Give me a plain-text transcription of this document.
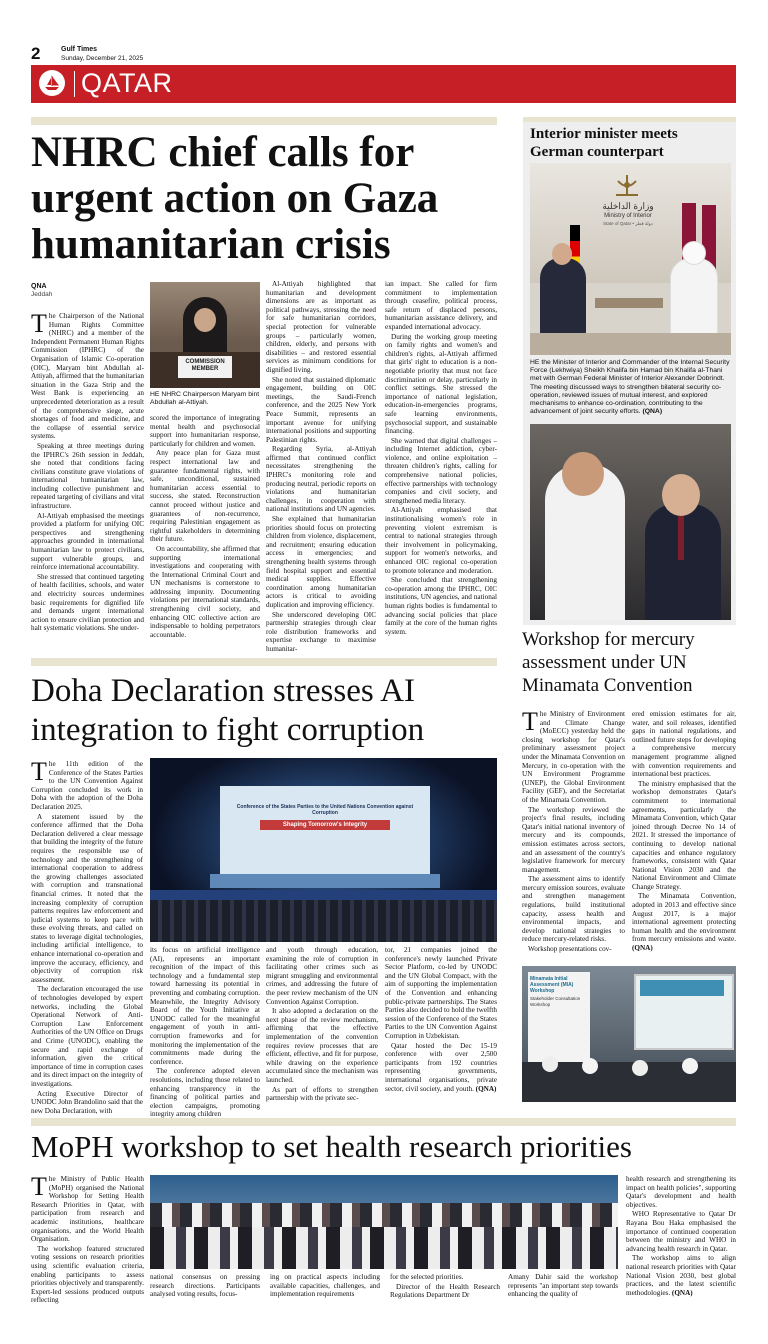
2	Gulf Times
Sunday, December 21, 2025
QATAR
NHRC chief calls for
urgent action on Gaza
humanitarian crisis
QNA
Jeddah

The Chairperson of the National Human Rights Committee (NHRC) and a member of the Independent Permanent Human Rights Commission (IPHRC) of the Organisation of Islamic Co-operation (OIC), Maryam bint Abdullah al-Attiyah, affirmed that the humanitarian situation in the Gaza Strip and the West Bank is experiencing an unprecedented deterioration as a result of the comprehensive siege, acute shortages of food and medicine, and the collapse of essential service systems.

Speaking at three meetings during the IPHRC's 26th session in Jeddah, she noted that conditions facing civilians constitute grave violations of international humanitarian law, including collective punishment and repeated targeting of civilians and vital infrastructure.

Al-Attiyah emphasised the meetings provided a platform for unifying OIC perspectives and strengthening approaches grounded in international humanitarian law to protect civilians, support vulnerable groups, and reinforce international accountability.

She stressed that continued targeting of health facilities, schools, and water and electricity sources undermines basic requirements for dignified life and demands urgent international action to ensure civilian protection and halt systematic violations. She under-

COMMISSION MEMBER
HE NHRC Chairperson Maryam bint Abdullah al-Attiyah.

scored the importance of integrating mental health and psychosocial support into humanitarian response, particularly for children and women.

Any peace plan for Gaza must respect international law and guarantee fundamental rights, with safe, unconditional, sustained humanitarian access essential to success, she stated. Reconstruction cannot proceed without justice and guarantees of non-recurrence, requiring Palestinian engagement as rightful stakeholders in determining their future.

On accountability, she affirmed that supporting international investigations and cooperating with the International Criminal Court and UN mechanisms is cornerstone to addressing impunity. Documenting violations per international standards, strengthening civil society, and enhancing OIC collective action are indispensable to holding perpetrators accountable.

Al-Attiyah highlighted that humanitarian and development dimensions are as important as political pathways, stressing the need for safe humanitarian corridors, special protection for vulnerable groups – particularly women, children, elderly, and persons with disabilities – and restored essential services as minimum conditions for dignified living.

She noted that sustained diplomatic engagement, building on OIC meetings, the Saudi-French conference, and the 2025 New York Peace Summit, represents an important avenue for unifying international positions and supporting Palestinian rights.

Regarding Syria, al-Attiyah affirmed that continued conflict necessitates strengthening the IPHRC's monitoring role and producing neutral, periodic reports on violations and humanitarian challenges, in cooperation with national institutions and UN agencies.

She explained that humanitarian priorities should focus on protecting children from violence, displacement, and recruitment; ensuring education access in emergencies; and strengthening health systems through field hospital support and essential medical supplies. Effective coordination among humanitarian actors is critical to avoiding duplication and improving efficiency.

She underscored developing OIC partnership strategies through clear role distribution frameworks and expertise exchange to maximise humanitar-

ian impact. She called for firm commitment to implementation through ceasefire, political process, safe return of displaced persons, humanitarian assistance delivery, and expanded international advocacy.

During the working group meeting on family rights and women's and children's rights, al-Attiyah affirmed that girls' right to education is a non-negotiable priority that must not face discrimination or delay, particularly in conflict settings. She stressed the importance of national legislation, education-in-emergencies programs, safe learning environments, psychosocial support, and sustainable financing.

She warned that digital challenges – including Internet addiction, cyber-violence, and online exploitation – threaten children's rights, calling for comprehensive national policies, effective partnerships with technology companies and civil society, and strengthened media literacy.

Al-Attiyah emphasised that institutionalising women's role in preventing violent extremism is central to national strategies through their involvement in policymaking, support for women's networks, and enhanced OIC regional co-operation to promote tolerance and moderation.

She concluded that strengthening co-operation among the IPHRC, OIC institutions, UN agencies, and national human rights bodies is fundamental to advancing social policies that place family at the core of the human rights system.

Interior minister meets
German counterpart
وزارة الداخلية
Ministry of Interior
State of Qatar • دولة قطر
HE the Minister of Interior and Commander of the Internal Security Force (Lekhwiya) Sheikh Khalifa bin Hamad bin Khalifa al-Thani met with German Federal Minister of Interior Alexander Dobrindt. The meeting discussed ways to strengthen bilateral security co-operation, reviewed issues of mutual interest, and explored mechanisms to enhance co-ordination, contributing to the advancement of joint security efforts. (QNA)
Workshop for mercury
assessment under UN
Minamata Convention

The Ministry of Environment and Climate Change (MoECC) yesterday held the closing workshop for Qatar's preliminary assessment project under the Minamata Convention on Mercury, in co-operation with the UN Environment Programme (UNEP), the Global Environment Facility (GEF), and the Secretariat of the Minamata Convention.

The workshop reviewed the project's final results, including Qatar's initial national inventory of mercury and its compounds, emission estimates across sectors, and an assessment of the country's legislative framework for mercury management.

The assessment aims to identify mercury emission sources, evaluate and strengthen management regulations, build institutional capacity, assess health and environmental impacts, and develop national strategies to reduce mercury-related risks.

Workshop presentations cov-

ered emission estimates for air, water, and soil releases, identified gaps in national regulations, and outlined future steps for developing a comprehensive mercury management programme aligned with convention requirements and international best practices.

The ministry emphasised that the workshop demonstrates Qatar's commitment to international agreements, particularly the Minamata Convention, which Qatar joined through Decree No 14 of 2021. It stressed the importance of continuing to develop national capacities and enhance regulatory frameworks, consistent with Qatar National Vision 2030 and the National Environment and Climate Change Strategy.

The Minamata Convention, adopted in 2013 and effective since August 2017, is a major international agreement protecting human health and the environment from mercury emissions and waste. (QNA)

Minamata Initial Assessment (MIA) Workshop
Stakeholder Consultation Workshop
Doha Declaration stresses AI
integration to fight corruption

The 11th edition of the Conference of the States Parties to the UN Convention Against Corruption concluded its work in Doha with the adoption of the Doha Declaration 2025.

A statement issued by the conference affirmed that the Doha Declaration delivered a clear message that building the integrity of the future requires the responsible use of technology and the strengthening of international cooperation to address the growing challenges associated with corruption and transnational financial crimes. It noted that the increasing complexity of corruption patterns requires law enforcement and judicial systems to keep pace with these evolving threats, and called on states to leverage digital technologies, including artificial intelligence, to enhance international co-operation and improve the accuracy, efficiency, and objectivity of corruption risk assessment.

The declaration encouraged the use of technologies developed by expert networks, including the Global Operational Network of Anti-Corruption Law Enforcement Authorities of the UN Office on Drugs and Crime (UNODC), enabling the secure and rapid exchange of information, given the critical importance of time in corruption cases and its direct impact on the integrity of investigations.

Acting Executive Director of UNODC John Brandolino said that the new Doha Declaration, with

Conference of the States Parties to the United Nations Convention against Corruption
Shaping Tomorrow's Integrity

its focus on artificial intelligence (AI), represents an important recognition of the impact of this technology and a fundamental step toward harnessing its potential in preventing and combating corruption. Meanwhile, the Integrity Advisory Board of the Youth Initiative at UNODC called for the meaningful engagement of youth in anti-corruption frameworks and for monitoring the implementation of the commitments made during the conference.

The conference adopted eleven resolutions, including those related to enhancing transparency in the financing of political parties and election campaigns, promoting integrity among children

and youth through education, examining the role of corruption in facilitating other crimes such as migrant smuggling and environmental crimes, and addressing the future of the peer review mechanism of the UN Convention Against Corruption.

It also adopted a declaration on the next phase of the review mechanism, affirming that the effective implementation of the convention requires review processes that are efficient, effective, and fit for purpose, while drawing on the experience accumulated since the mechanism was launched.

As part of efforts to strengthen partnership with the private sec-

tor, 21 companies joined the conference's newly launched Private Sector Platform, co-led by UNODC and the UN Global Compact, with the aim of supporting the implementation of the Convention and enhancing public-private partnerships. The States Parties also decided to hold the twelfth session of the Conference of the States Parties to the UN Convention Against Corruption in Uzbekistan.

Qatar hosted the Dec 15-19 conference with over 2,500 participants from 192 countries representing governments, international organisations, private sector, civil society, and youth. (QNA)

MoPH workshop to set health research priorities

The Ministry of Public Health (MoPH) organised the National Workshop for Setting Health Research Priorities in Qatar, with participation from research and academic institutions, healthcare organisations, and the World Health Organisation.

The workshop featured structured voting sessions on research priorities using scientific evaluation criteria, enabling participants to assess priorities objectively and transparently. Expert-led sessions produced outputs reflecting

national consensus on pressing research directions. Participants analysed voting results, focus-

ing on practical aspects including available capacities, challenges, and implementation requirements

for the selected priorities.

Director of the Health Research Regulations Department Dr

Amany Dahir said the workshop represents "an important step towards enhancing the quality of

health research and strengthening its impact on health policies", supporting Qatar's development and health objectives.

WHO Representative to Qatar Dr Rayana Bou Haka emphasised the importance of continued cooperation between the ministry and WHO in advancing health research in Qatar.

The workshop aims to align national research priorities with Qatar National Vision 2030, best global practices, and the latest scientific methodologies. (QNA)
